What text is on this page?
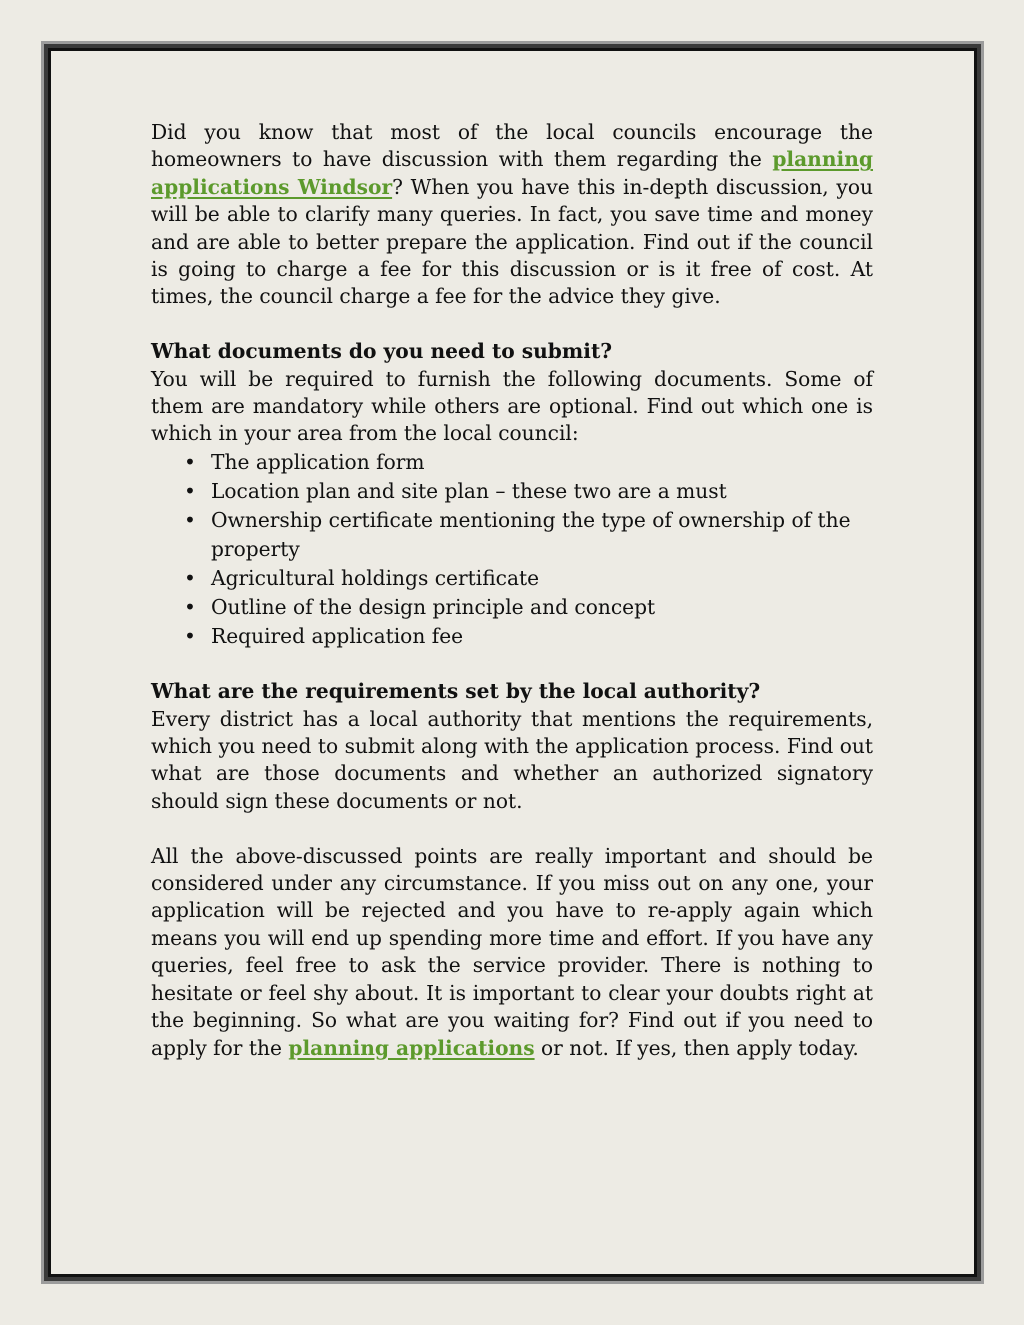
Did you know that most of the local councils encourage the homeowners to have discussion with them regarding the planning applications Windsor? When you have this in-depth discussion, you will be able to clarify many queries. In fact, you save time and money and are able to better prepare the application. Find out if the council is going to charge a fee for this discussion or is it free of cost. At times, the council charge a fee for the advice they give.

What documents do you need to submit?

You will be required to furnish the following documents. Some of them are mandatory while others are optional. Find out which one is which in your area from the local council:

• The application form
• Location plan and site plan – these two are a must
• Ownership certificate mentioning the type of ownership of the property
• Agricultural holdings certificate
• Outline of the design principle and concept
• Required application fee

What are the requirements set by the local authority?

Every district has a local authority that mentions the requirements, which you need to submit along with the application process. Find out what are those documents and whether an authorized signatory should sign these documents or not.

All the above-discussed points are really important and should be considered under any circumstance. If you miss out on any one, your application will be rejected and you have to re-apply again which means you will end up spending more time and effort. If you have any queries, feel free to ask the service provider. There is nothing to hesitate or feel shy about. It is important to clear your doubts right at the beginning. So what are you waiting for? Find out if you need to apply for the planning applications or not. If yes, then apply today.
